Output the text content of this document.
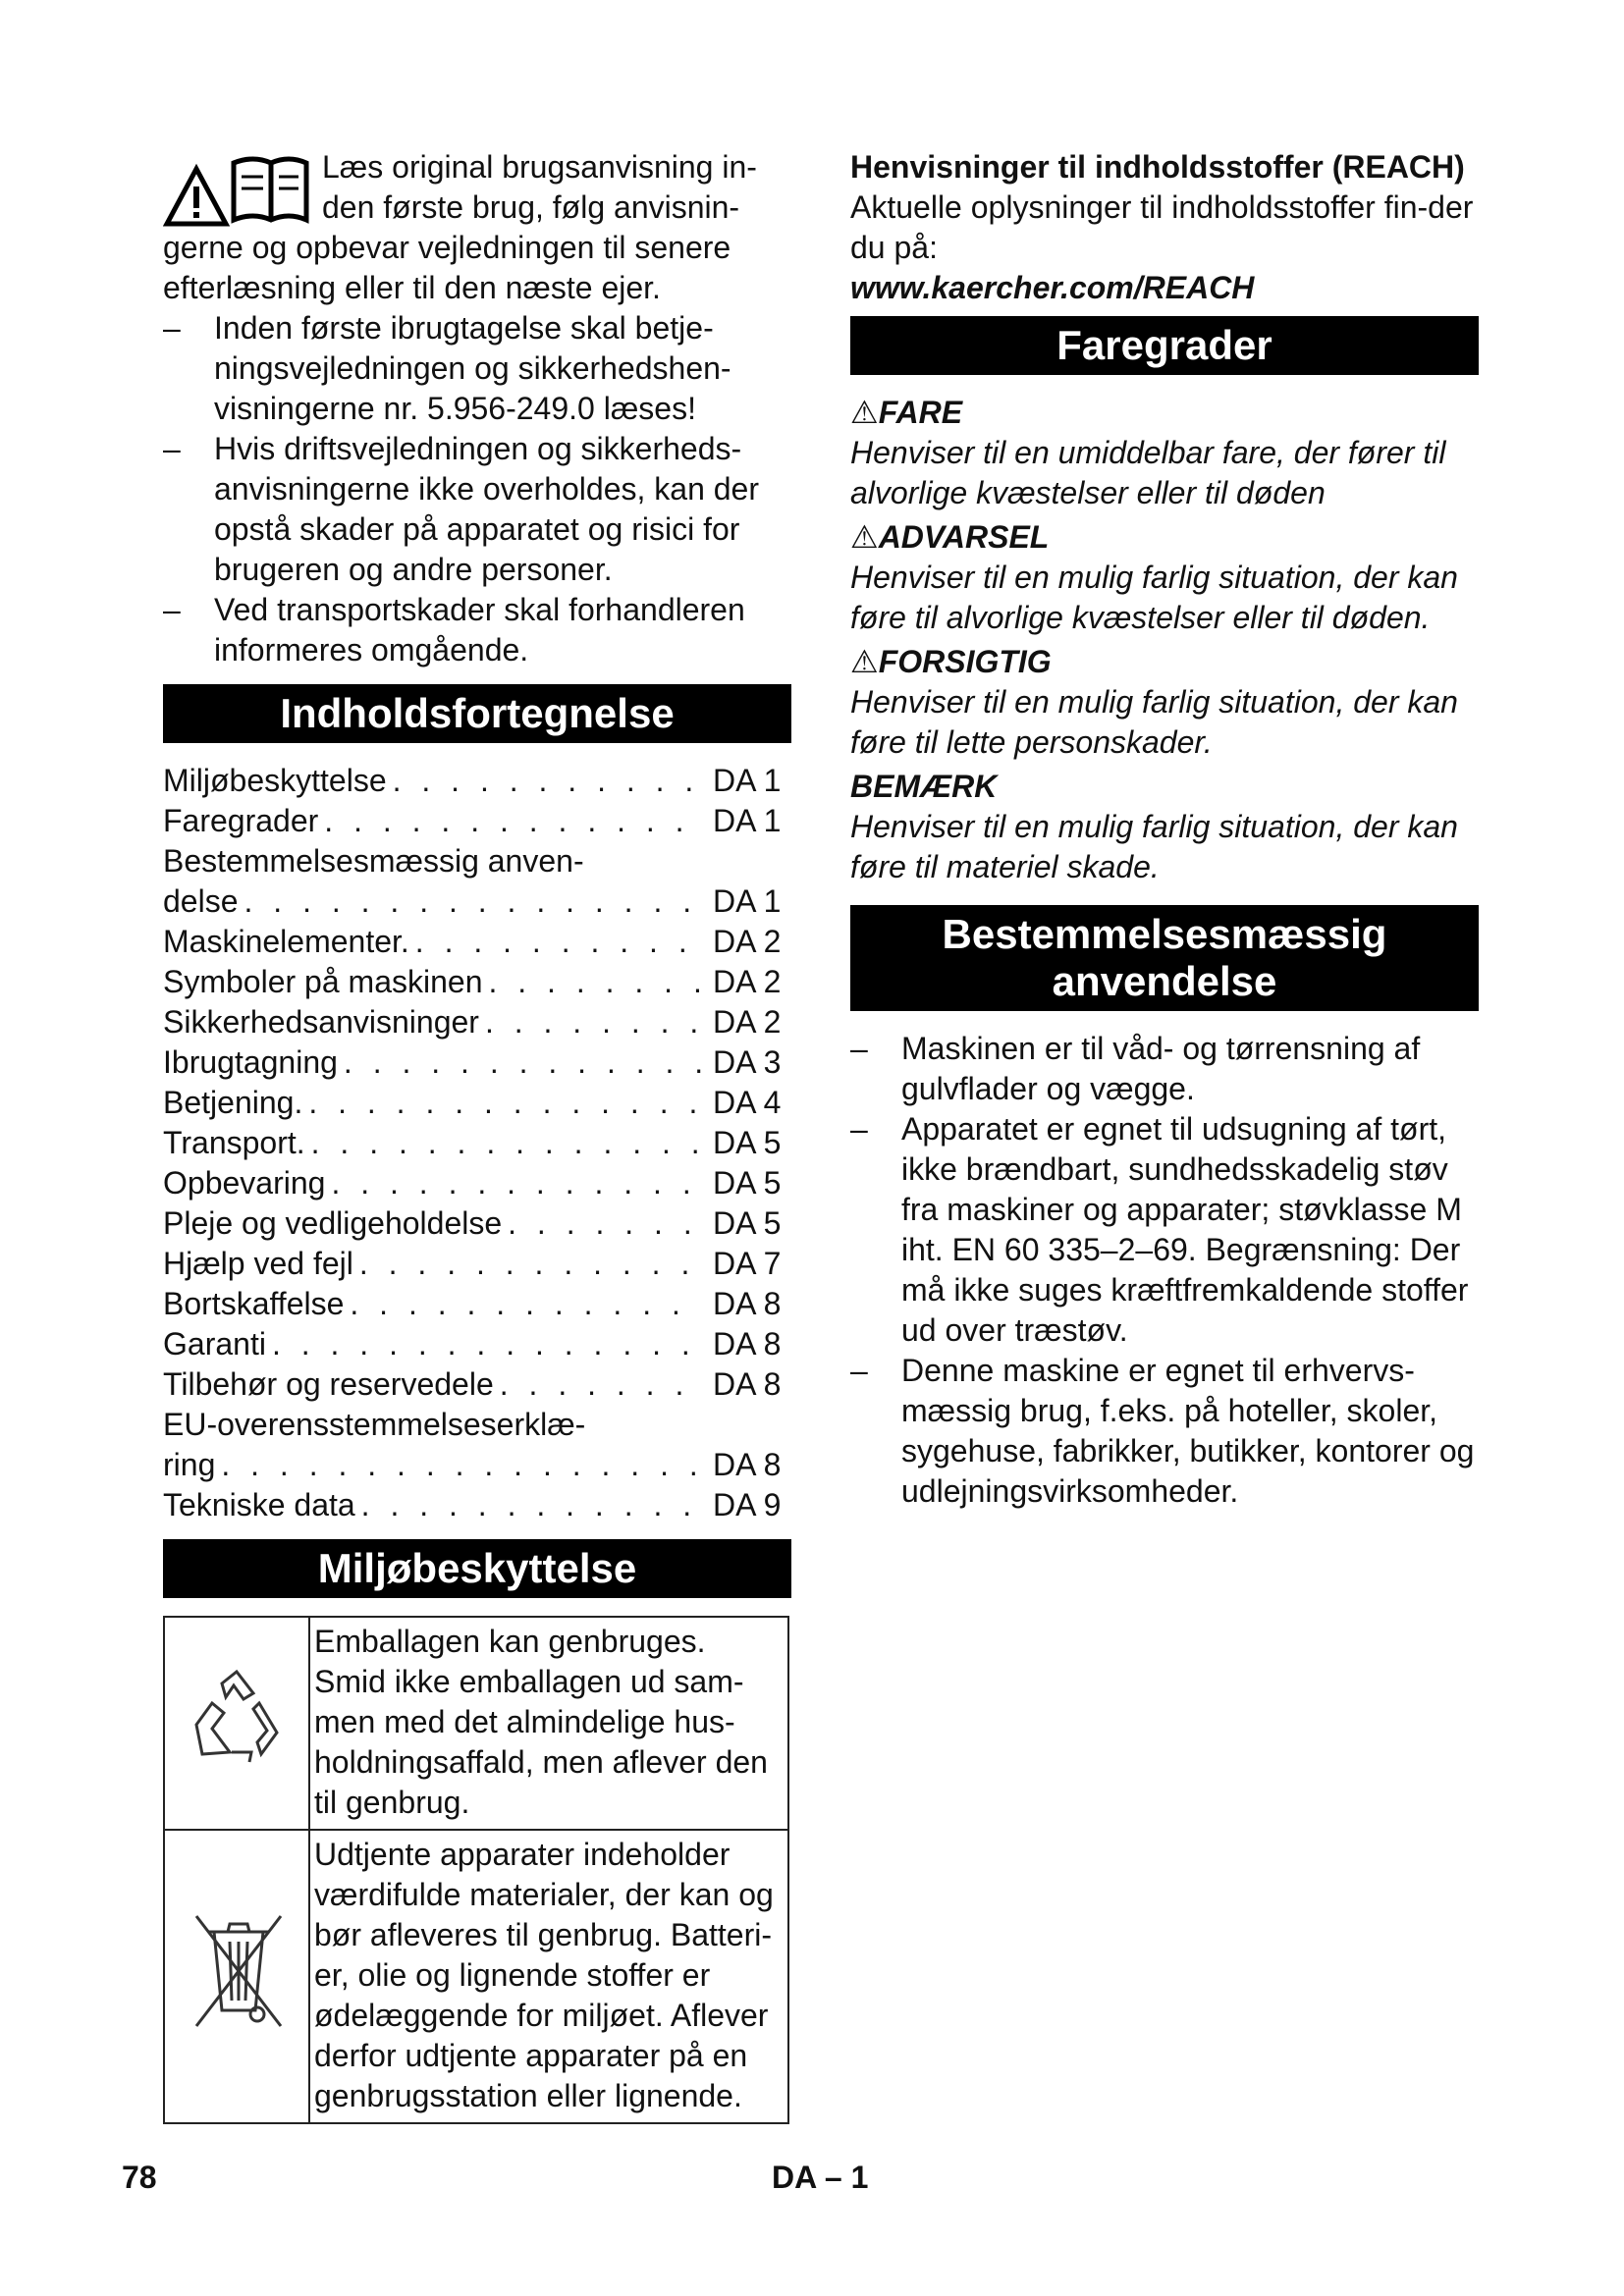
Læs original brugsanvisning in-

den første brug, følg anvisnin-

gerne og opbevar vejledningen til senere efterlæsning eller til den næste ejer.

– Inden første ibrugtagelse skal betje-ningsvejledningen og sikkerhedshen-visningerne nr. 5.956-249.0 læses!
– Hvis driftsvejledningen og sikkerheds-anvisningerne ikke overholdes, kan der opstå skader på apparatet og risici for brugeren og andre personer.
– Ved transportskader skal forhandleren informeres omgående.
Indholdsfortegnelse
Miljøbeskyttelse . . .	DA 1
Faregrader . . .	DA 1
Bestemmelsesmæssig anven-
delse . . .	DA 1
Maskinelementer. . . .	DA 2
Symboler på maskinen . . .	DA 2
Sikkerhedsanvisninger . . .	DA 2
Ibrugtagning . . .	DA 3
Betjening. . . .	DA 4
Transport. . . .	DA 5
Opbevaring . . .	DA 5
Pleje og vedligeholdelse . . .	DA 5
Hjælp ved fejl . . .	DA 7
Bortskaffelse . . .	DA 8
Garanti . . .	DA 8
Tilbehør og reservedele . . .	DA 8
EU-overensstemmelseserklæ-
ring . . .	DA 8
Tekniske data . . .	DA 9
Miljøbeskyttelse
	Emballagen kan genbruges. Smid ikke emballagen ud sam-men med det almindelige hus-holdningsaffald, men aflever den til genbrug.
	Udtjente apparater indeholder værdifulde materialer, der kan og bør afleveres til genbrug. Batteri-er, olie og lignende stoffer er ødelæggende for miljøet. Aflever derfor udtjente apparater på en genbrugsstation eller lignende.

Henvisninger til indholdsstoffer (REACH)

Aktuelle oplysninger til indholdsstoffer fin-der du på:

www.kaercher.com/REACH

Faregrader

⚠FARE

Henviser til en umiddelbar fare, der fører til alvorlige kvæstelser eller til døden

⚠ADVARSEL

Henviser til en mulig farlig situation, der kan føre til alvorlige kvæstelser eller til døden.

⚠FORSIGTIG

Henviser til en mulig farlig situation, der kan føre til lette personskader.

BEMÆRK

Henviser til en mulig farlig situation, der kan føre til materiel skade.

Bestemmelsesmæssig anvendelse
– Maskinen er til våd- og tørrensning af gulvflader og vægge.
– Apparatet er egnet til udsugning af tørt, ikke brændbart, sundhedsskadelig støv fra maskiner og apparater; støvklasse M iht. EN 60 335–2–69. Begrænsning: Der må ikke suges kræftfremkaldende stoffer ud over træstøv.
– Denne maskine er egnet til erhvervs-mæssig brug, f.eks. på hoteller, skoler, sygehuse, fabrikker, butikker, kontorer og udlejningsvirksomheder.
78	DA – 1
